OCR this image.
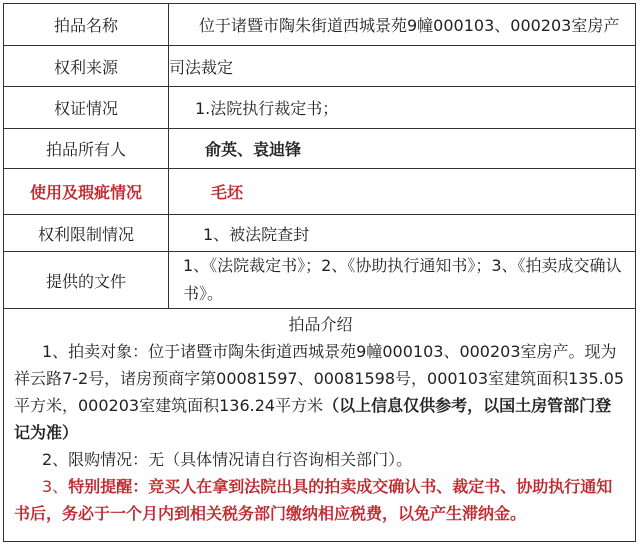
拍品名称	位于诸暨市陶朱街道西城景苑9幢000103、000203室房产
权利来源	司法裁定
权证情况	1.法院执行裁定书；
拍品所有人	俞英、袁迪锋
使用及瑕疵情况	毛坯
权利限制情况	1、被法院查封
提供的文件	1、《法院裁定书》；2、《协助执行通知书》；3、《拍卖成交确认书》。

拍品介绍
1、拍卖对象：位于诸暨市陶朱街道西城景苑9幢000103、000203室房产。现为祥云路7-2号，诸房预商字第00081597、00081598号，000103室建筑面积135.05平方米，000203室建筑面积136.24平方米（以上信息仅供参考，以国土房管部门登记为准）
2、限购情况：无（具体情况请自行咨询相关部门）。
3、特别提醒：竞买人在拿到法院出具的拍卖成交确认书、裁定书、协助执行通知书后，务必于一个月内到相关税务部门缴纳相应税费，以免产生滞纳金。	
